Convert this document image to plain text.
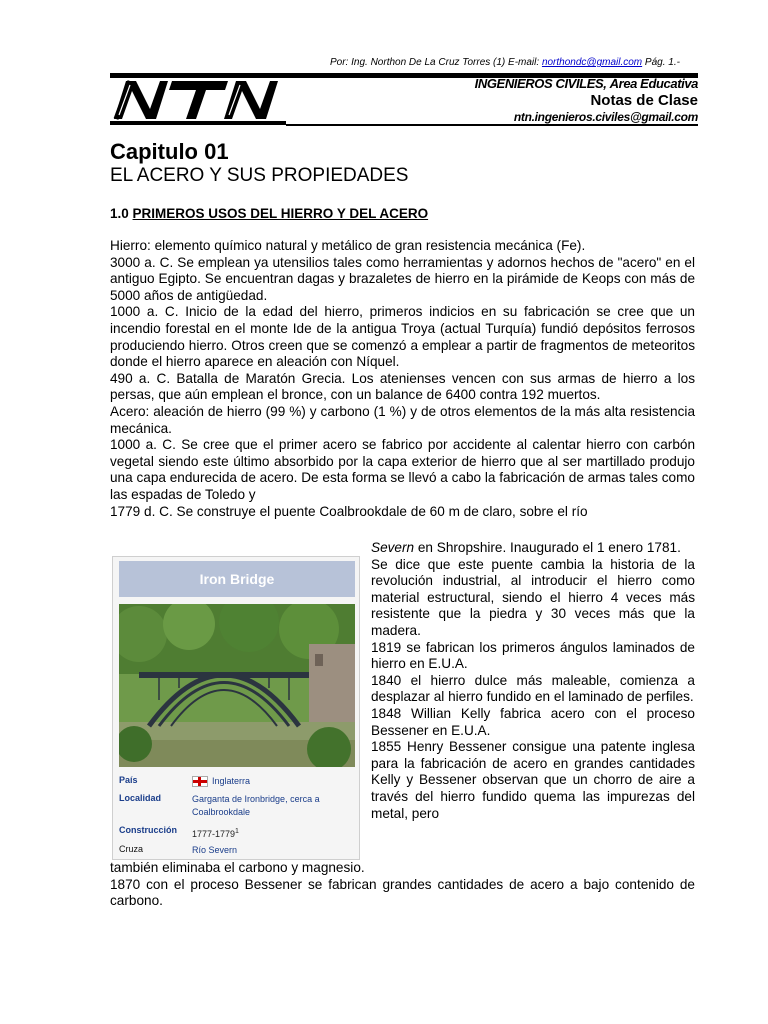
Por: Ing. Northon De La Cruz Torres (1) E-mail: northondc@gmail.com Pág. 1.-
INGENIEROS CIVILES, Área Educativa
Notas de Clase
ntn.ingenieros.civiles@gmail.com
Capitulo 01
EL ACERO Y SUS PROPIEDADES
1.0 PRIMEROS USOS DEL HIERRO Y DEL ACERO

Hierro: elemento químico natural y metálico de gran resistencia mecánica (Fe).

3000 a. C. Se emplean ya utensilios tales como herramientas y adornos hechos de "acero" en el antiguo Egipto. Se encuentran dagas y brazaletes de hierro en la pirámide de Keops con más de 5000 años de antigüedad.

1000 a. C. Inicio de la edad del hierro, primeros indicios en su fabricación se cree que un incendio forestal en el monte Ide de la antigua Troya (actual Turquía) fundió depósitos ferrosos produciendo hierro. Otros creen que se comenzó a emplear a partir de fragmentos de meteoritos donde el hierro aparece en aleación con Níquel.

490 a. C. Batalla de Maratón Grecia. Los atenienses vencen con sus armas de hierro a los persas, que aún emplean el bronce, con un balance de 6400 contra 192 muertos.

Acero: aleación de hierro (99 %) y carbono (1 %) y de otros elementos de la más alta resistencia mecánica.

1000 a. C. Se cree que el primer acero se fabrico por accidente al calentar hierro con carbón vegetal siendo este último absorbido por la capa exterior de hierro que al ser martillado produjo una capa endurecida de acero. De esta forma se llevó a cabo la fabricación de armas tales como las espadas de Toledo y

1779 d. C. Se construye el puente Coalbrookdale de 60 m de claro, sobre el río

Iron Bridge
País	Inglaterra
Localidad	Garganta de Ironbridge, cerca a
Coalbrookdale
Construcción 1777-1779$^1$
Cruza	Río Severn

Severn en Shropshire. Inaugurado el 1 enero 1781.

Se dice que este puente cambia la historia de la revolución industrial, al introducir el hierro como material estructural, siendo el hierro 4 veces más resistente que la piedra y 30 veces más que la madera.

1819 se fabrican los primeros ángulos laminados de hierro en E.U.A.

1840 el hierro dulce más maleable, comienza a desplazar al hierro fundido en el laminado de perfiles.

1848 Willian Kelly fabrica acero con el proceso Bessener en E.U.A.

1855 Henry Bessener consigue una patente inglesa para la fabricación de acero en grandes cantidades Kelly y Bessener observan que un chorro de aire a través del hierro fundido quema las impurezas del metal, pero

también eliminaba el carbono y magnesio.

1870 con el proceso Bessener se fabrican grandes cantidades de acero a bajo contenido de carbono.
